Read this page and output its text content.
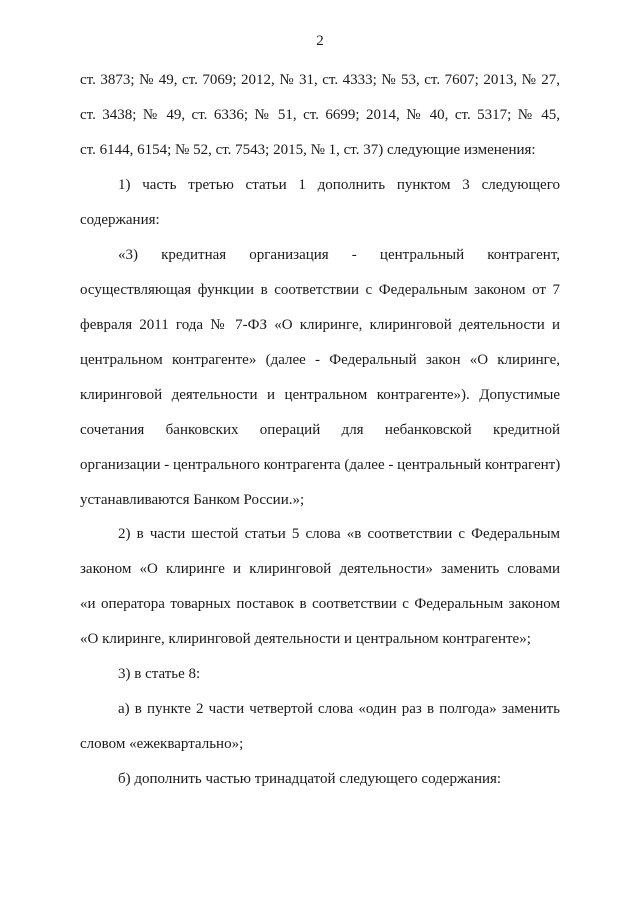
2
ст. 3873; № 49, ст. 7069; 2012, № 31, ст. 4333; № 53, ст. 7607; 2013, № 27,
ст. 3438; № 49, ст. 6336; № 51, ст. 6699; 2014, № 40, ст. 5317; № 45,
ст. 6144, 6154; № 52, ст. 7543; 2015, № 1, ст. 37) следующие изменения:
1) часть третью статьи 1 дополнить пунктом 3 следующего
содержания:
«3) кредитная организация - центральный контрагент,
осуществляющая функции в соответствии с Федеральным законом от 7
февраля 2011 года № 7-ФЗ «О клиринге, клиринговой деятельности и
центральном контрагенте» (далее - Федеральный закон «О клиринге,
клиринговой деятельности и центральном контрагенте»). Допустимые
сочетания банковских операций для небанковской кредитной
организации - центрального контрагента (далее - центральный контрагент)
устанавливаются Банком России.»;
2) в части шестой статьи 5 слова «в соответствии с Федеральным
законом «О клиринге и клиринговой деятельности» заменить словами
«и оператора товарных поставок в соответствии с Федеральным законом
«О клиринге, клиринговой деятельности и центральном контрагенте»;
3) в статье 8:
а) в пункте 2 части четвертой слова «один раз в полгода» заменить
словом «ежеквартально»;
б) дополнить частью тринадцатой следующего содержания:
